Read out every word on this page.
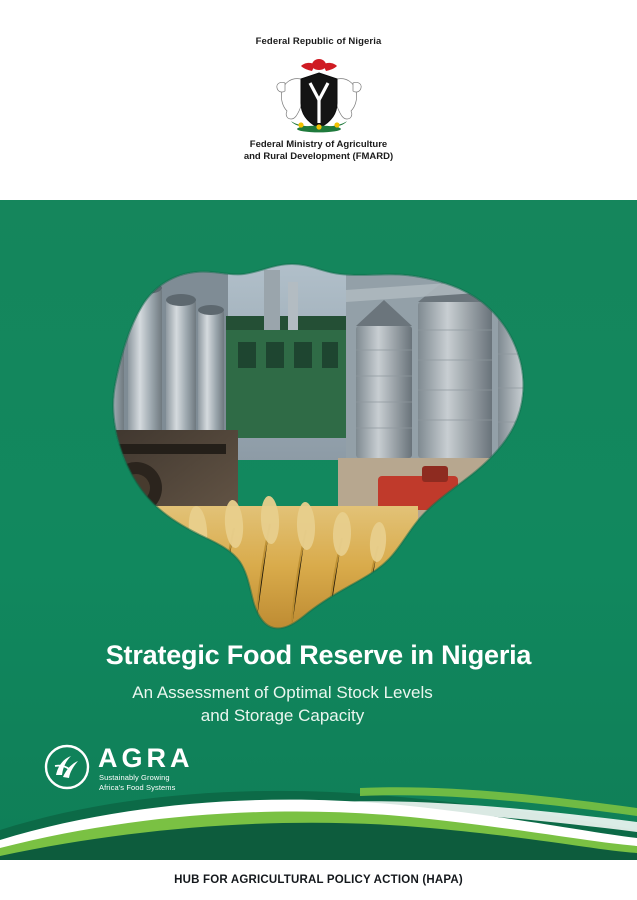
Federal Republic of Nigeria
Federal Ministry of Agriculture
and Rural Development (FMARD)
Strategic Food Reserve in Nigeria
An Assessment of Optimal Stock Levels
and Storage Capacity
AGRA
Sustainably Growing
Africa's Food Systems
HUB FOR AGRICULTURAL POLICY ACTION (HAPA)
